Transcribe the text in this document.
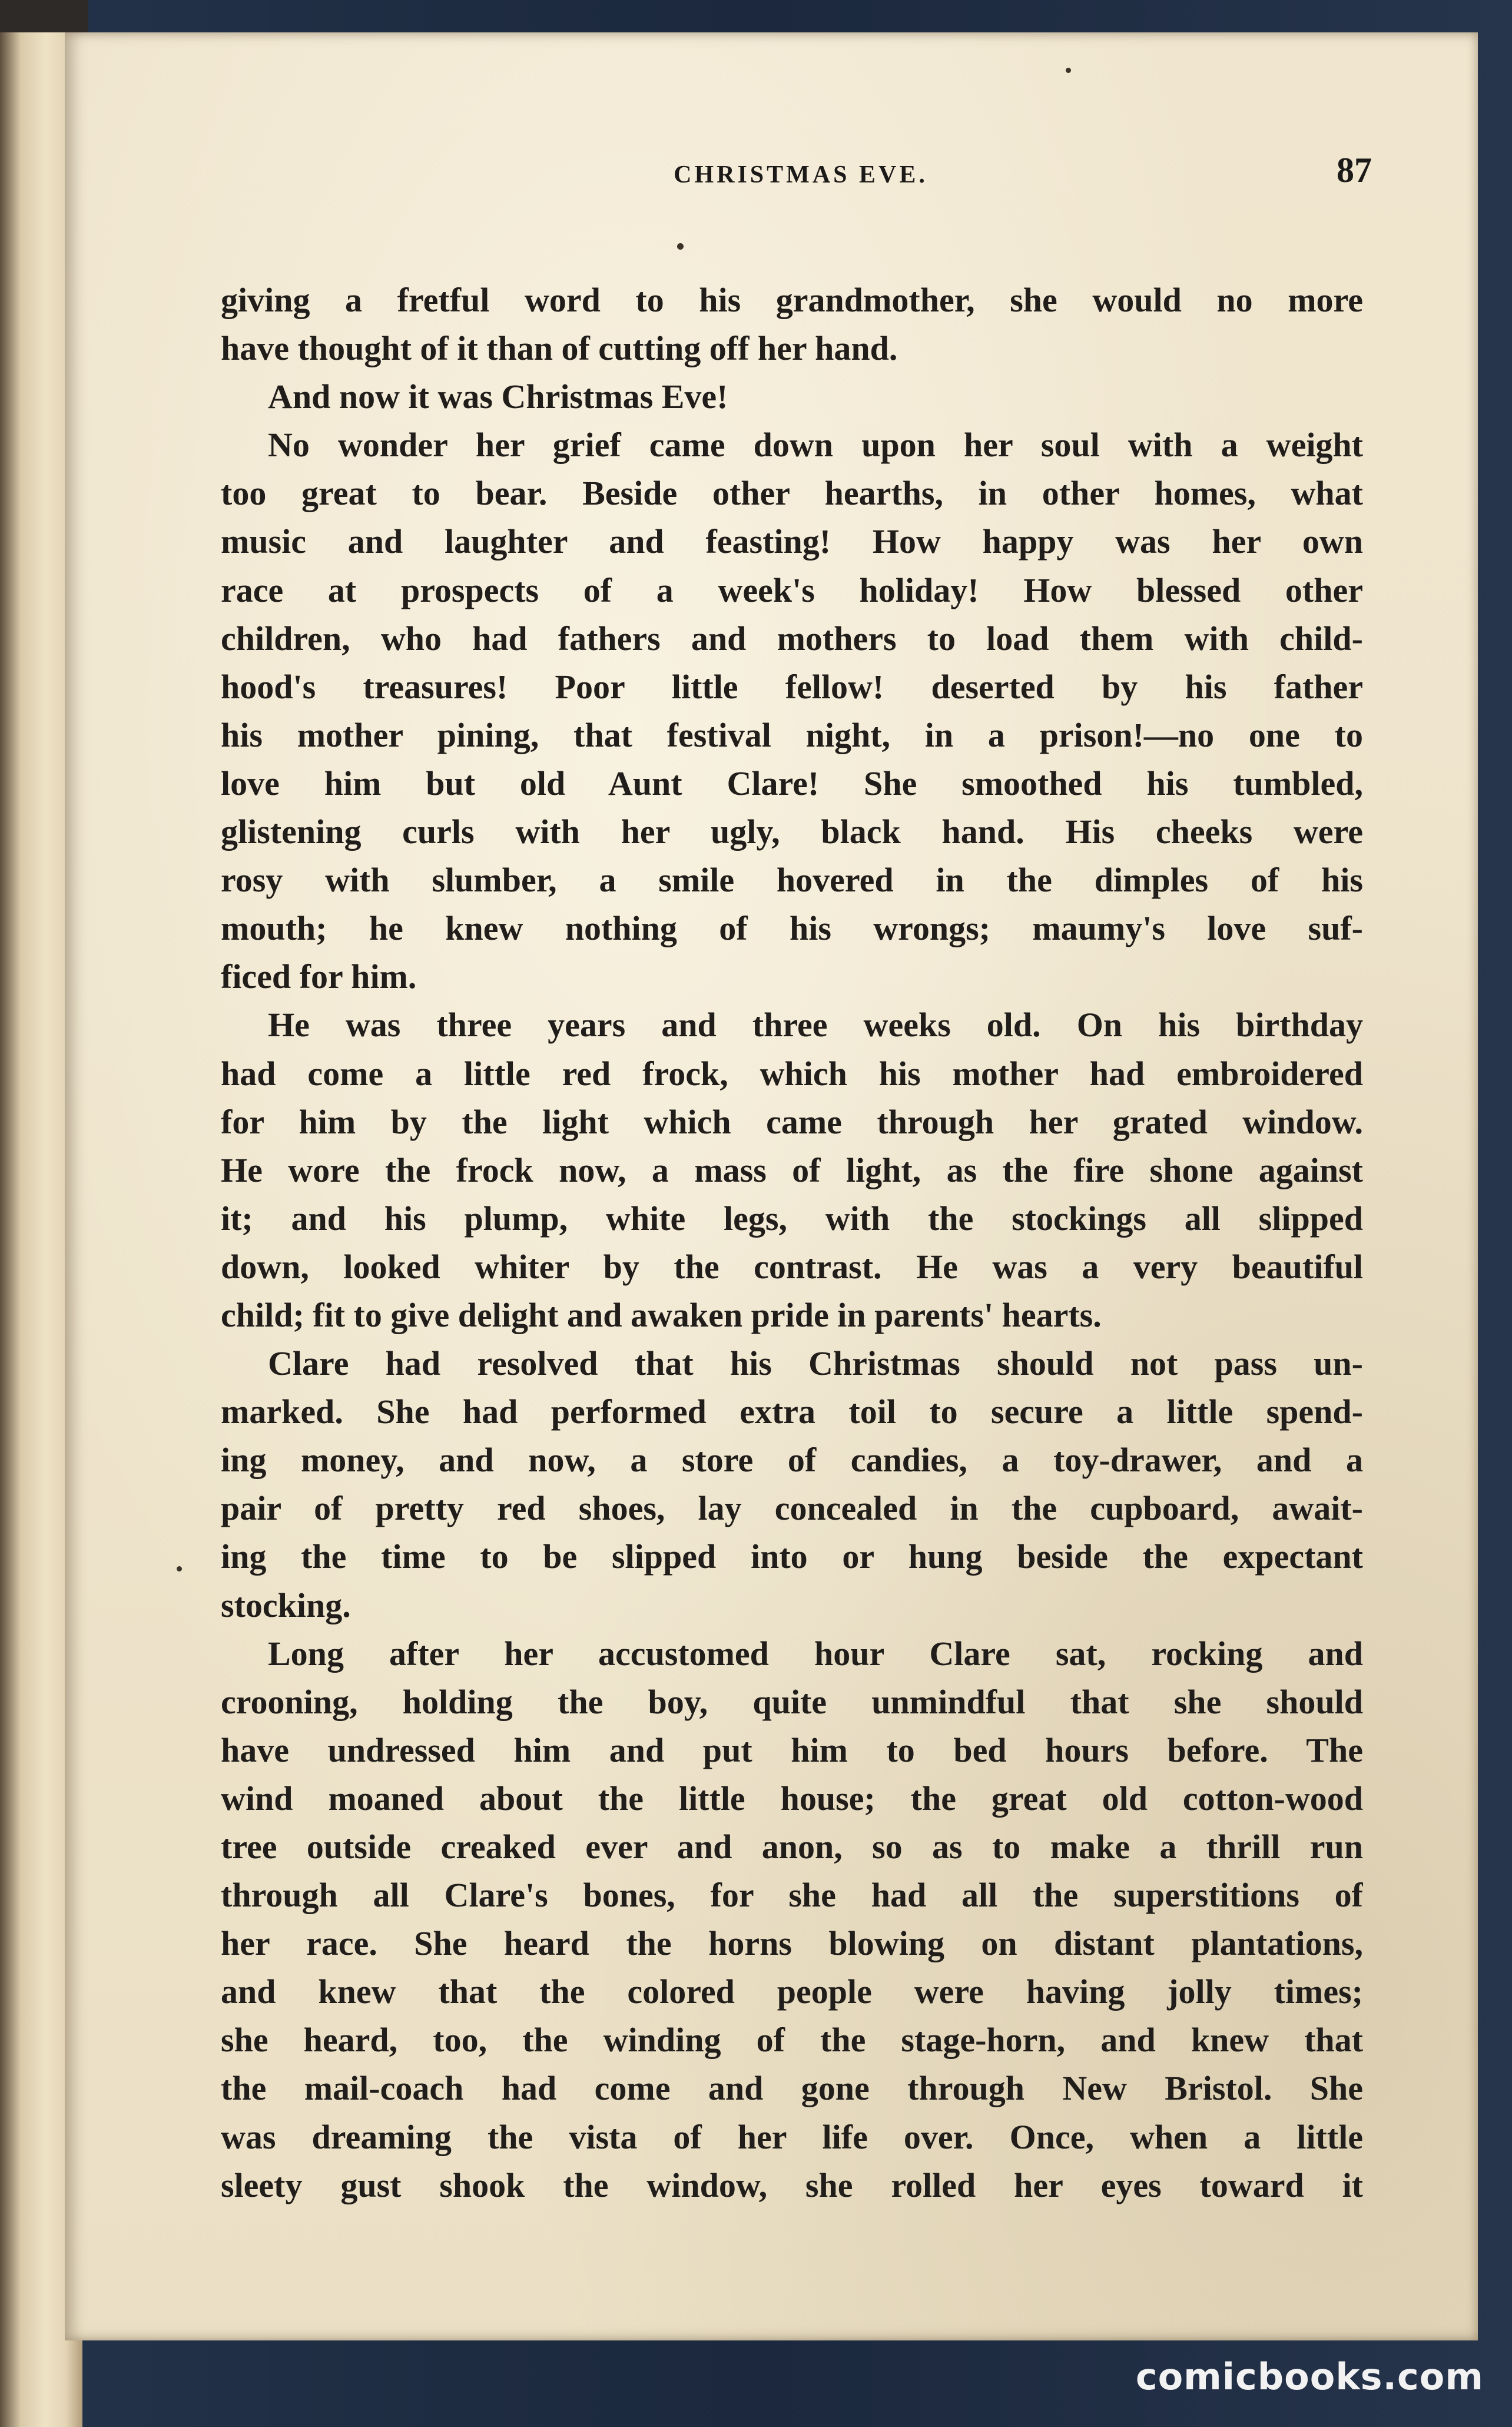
CHRISTMAS EVE.	87
giving a fretful word to his grandmother, she would no more
have thought of it than of cutting off her hand.
And now it was Christmas Eve!
No wonder her grief came down upon her soul with a weight
too great to bear. Beside other hearths, in other homes, what
music and laughter and feasting! How happy was her own
race at prospects of a week's holiday! How blessed other
children, who had fathers and mothers to load them with child-
hood's treasures! Poor little fellow! deserted by his father
his mother pining, that festival night, in a prison!—no one to
love him but old Aunt Clare! She smoothed his tumbled,
glistening curls with her ugly, black hand. His cheeks were
rosy with slumber, a smile hovered in the dimples of his
mouth; he knew nothing of his wrongs; maumy's love suf-
ficed for him.
He was three years and three weeks old. On his birthday
had come a little red frock, which his mother had embroidered
for him by the light which came through her grated window.
He wore the frock now, a mass of light, as the fire shone against
it; and his plump, white legs, with the stockings all slipped
down, looked whiter by the contrast. He was a very beautiful
child; fit to give delight and awaken pride in parents' hearts.
Clare had resolved that his Christmas should not pass un-
marked. She had performed extra toil to secure a little spend-
ing money, and now, a store of candies, a toy-drawer, and a
pair of pretty red shoes, lay concealed in the cupboard, await-
ing the time to be slipped into or hung beside the expectant
stocking.
Long after her accustomed hour Clare sat, rocking and
crooning, holding the boy, quite unmindful that she should
have undressed him and put him to bed hours before. The
wind moaned about the little house; the great old cotton-wood
tree outside creaked ever and anon, so as to make a thrill run
through all Clare's bones, for she had all the superstitions of
her race. She heard the horns blowing on distant plantations,
and knew that the colored people were having jolly times;
she heard, too, the winding of the stage-horn, and knew that
the mail-coach had come and gone through New Bristol. She
was dreaming the vista of her life over. Once, when a little
sleety gust shook the window, she rolled her eyes toward it
comicbooks.com
